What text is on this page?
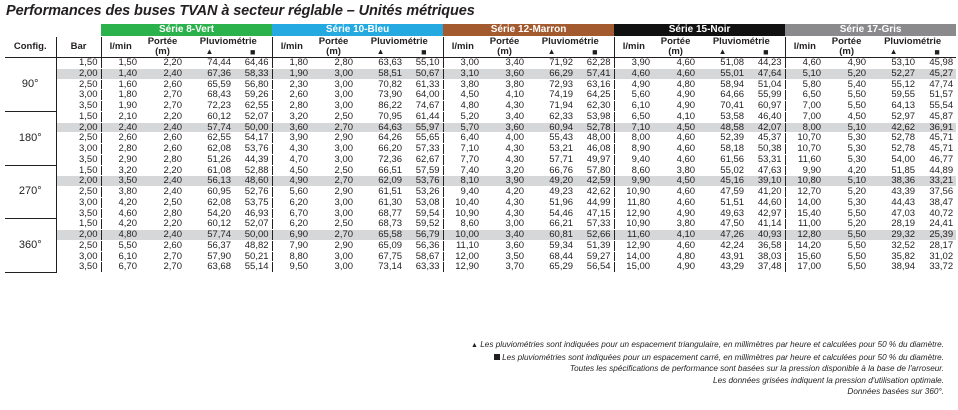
Performances des buses TVAN à secteur réglable – Unités métriques
		Série 8-Vert				Série 10-Bleu				Série 12-Marron				Série 15-Noir				Série 17-Gris			
Config.	Bar	l/min	Portée	Pluviométrie		l/min	Portée	Pluviométrie		l/min	Portée	Pluviométrie		l/min	Portée	Pluviométrie		l/min	Portée	Pluviométrie	
			(m)	▲	■		(m)	▲	■		(m)	▲	■		(m)	▲	■		(m)	▲	■
90°	1,50	1,50	2,20	74,44	64,46	1,80	2,80	63,63	55,10	3,00	3,40	71,92	62,28	3,90	4,60	51,08	44,23	4,60	4,90	53,10	45,98
	2,00	1,40	2,40	67,36	58,33	1,90	3,00	58,51	50,67	3,10	3,60	66,29	57,41	4,60	4,60	55,01	47,64	5,10	5,20	52,27	45,27
	2,50	1,60	2,60	65,59	56,80	2,30	3,00	70,82	61,33	3,80	3,80	72,93	63,16	4,90	4,80	58,94	51,04	5,80	5,40	55,12	47,74
	3,00	1,80	2,70	68,43	59,26	2,60	3,00	73,90	64,00	4,50	4,10	74,19	64,25	5,60	4,90	64,66	55,99	6,50	5,50	59,55	51,57
	3,50	1,90	2,70	72,23	62,55	2,80	3,00	86,22	74,67	4,80	4,30	71,94	62,30	6,10	4,90	70,41	60,97	7,00	5,50	64,13	55,54
180°	1,50	2,10	2,20	60,12	52,07	3,20	2,50	70,95	61,44	5,20	3,40	62,33	53,98	6,50	4,10	53,58	46,40	7,00	4,50	52,97	45,87
	2,00	2,40	2,40	57,74	50,00	3,60	2,70	64,63	55,97	5,70	3,60	60,94	52,78	7,10	4,50	48,58	42,07	8,00	5,10	42,62	36,91
	2,50	2,60	2,60	62,55	54,17	3,90	2,90	64,26	55,65	6,40	4,00	55,43	48,00	8,00	4,60	52,39	45,37	10,70	5,30	52,78	45,71
	3,00	2,80	2,60	62,08	53,76	4,30	3,00	66,20	57,33	7,10	4,30	53,21	46,08	8,90	4,60	58,18	50,38	10,70	5,30	52,78	45,71
	3,50	2,90	2,80	51,26	44,39	4,70	3,00	72,36	62,67	7,70	4,30	57,71	49,97	9,40	4,60	61,56	53,31	11,60	5,30	54,00	46,77
270°	1,50	3,20	2,20	61,08	52,88	4,50	2,50	66,51	57,59	7,40	3,20	66,76	57,80	8,60	3,80	55,02	47,63	9,90	4,20	51,85	44,89
	2,00	3,50	2,40	56,13	48,60	4,90	2,70	62,09	53,76	8,10	3,90	49,20	42,59	9,90	4,50	45,16	39,10	10,80	5,10	38,36	33,21
	2,50	3,80	2,40	60,95	52,76	5,60	2,90	61,51	53,26	9,40	4,20	49,23	42,62	10,90	4,60	47,59	41,20	12,70	5,20	43,39	37,56
	3,00	4,20	2,50	62,08	53,75	6,20	3,00	61,30	53,08	10,40	4,30	51,96	44,99	11,80	4,60	51,51	44,60	14,00	5,30	44,43	38,47
	3,50	4,60	2,80	54,20	46,93	6,70	3,00	68,77	59,54	10,90	4,30	54,46	47,15	12,90	4,90	49,63	42,97	15,40	5,50	47,03	40,72
360°	1,50	4,20	2,20	60,12	52,07	6,20	2,50	68,73	59,52	8,60	3,00	66,21	57,33	10,90	3,80	47,50	41,14	11,00	5,20	28,19	24,41
	2,00	4,80	2,40	57,74	50,00	6,90	2,70	65,58	56,79	10,00	3,40	60,81	52,66	11,60	4,10	47,26	40,93	12,80	5,50	29,32	25,39
	2,50	5,50	2,60	56,37	48,82	7,90	2,90	65,09	56,36	11,10	3,60	59,34	51,39	12,90	4,60	42,24	36,58	14,20	5,50	32,52	28,17
	3,00	6,10	2,70	57,90	50,21	8,80	3,00	67,75	58,67	12,00	3,50	68,44	59,27	14,00	4,80	43,91	38,03	15,60	5,50	35,82	31,02
	3,50	6,70	2,70	63,68	55,14	9,50	3,00	73,14	63,33	12,90	3,70	65,29	56,54	15,00	4,90	43,29	37,48	17,00	5,50	38,94	33,72
▲ Les pluviométries sont indiquées pour un espacement triangulaire, en millimètres par heure et calculées pour 50 % du diamètre.
Les pluviométries sont indiquées pour un espacement carré, en millimètres par heure et calculées pour 50 % du diamètre.
Toutes les spécifications de performance sont basées sur la pression disponible à la base de l'arroseur.
Les données grisées indiquent la pression d'utilisation optimale.
Données basées sur 360°.
